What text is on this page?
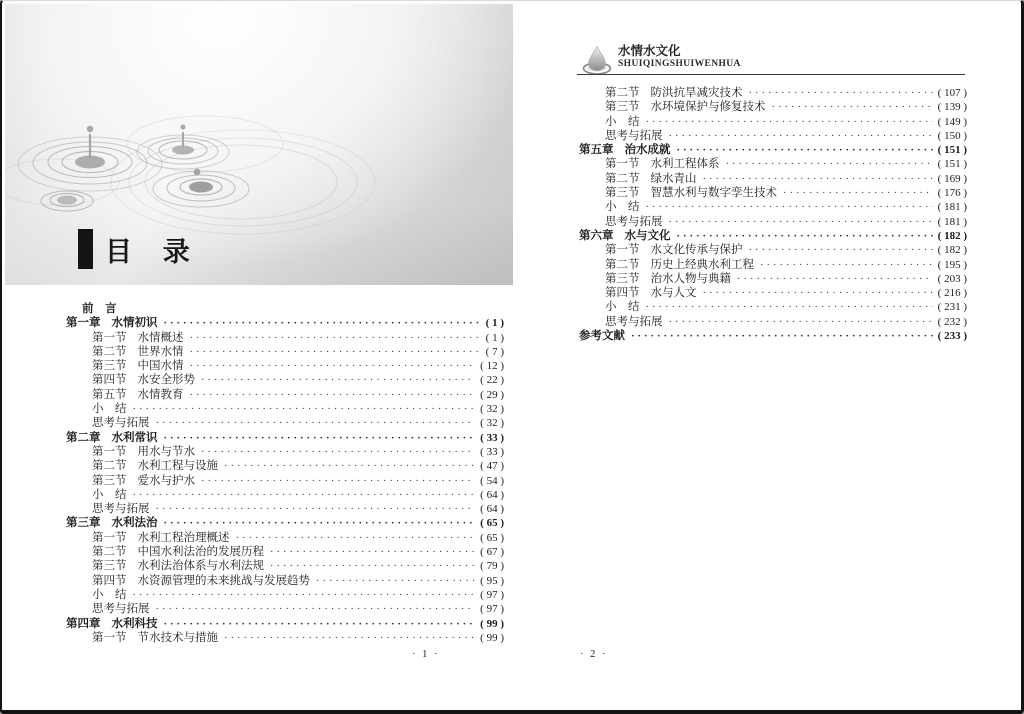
目 录
前　言
第一章 水情初识 ·····	( 1 )
第一节 水情概述 ·····	( 1 )
第二节 世界水情 ·····	( 7 )
第三节 中国水情 ·····	( 12 )
第四节 水安全形势 ·····	( 22 )
第五节 水情教育 ·····	( 29 )
小　结 ·····	( 32 )
思考与拓展 ·····	( 32 )
第二章 水利常识 ·····	( 33 )
第一节 用水与节水 ·····	( 33 )
第二节 水利工程与设施 ·····	( 47 )
第三节 爱水与护水 ·····	( 54 )
小　结 ·····	( 64 )
思考与拓展 ·····	( 64 )
第三章 水利法治 ·····	( 65 )
第一节 水利工程治理概述 ·····	( 65 )
第二节 中国水利法治的发展历程 ·····	( 67 )
第三节 水利法治体系与水利法规 ·····	( 79 )
第四节 水资源管理的未来挑战与发展趋势 ·····	( 95 )
小　结 ·····	( 97 )
思考与拓展 ·····	( 97 )
第四章 水利科技 ·····	( 99 )
第一节 节水技术与措施 ·····	( 99 )
· 1 ·
水情水文化
SHUIQINGSHUIWENHUA
第二节 防洪抗旱减灾技术 ·····	( 107 )
第三节 水环境保护与修复技术 ·····	( 139 )
小　结 ·····	( 149 )
思考与拓展 ·····	( 150 )
第五章 治水成就 ·····	( 151 )
第一节 水利工程体系 ·····	( 151 )
第二节 绿水青山 ·····	( 169 )
第三节 智慧水利与数字孪生技术 ·····	( 176 )
小　结 ·····	( 181 )
思考与拓展 ·····	( 181 )
第六章 水与文化 ·····	( 182 )
第一节 水文化传承与保护 ·····	( 182 )
第二节 历史上经典水利工程 ·····	( 195 )
第三节 治水人物与典籍 ·····	( 203 )
第四节 水与人文 ·····	( 216 )
小　结 ·····	( 231 )
思考与拓展 ·····	( 232 )
参考文献 ·····	( 233 )
· 2 ·
